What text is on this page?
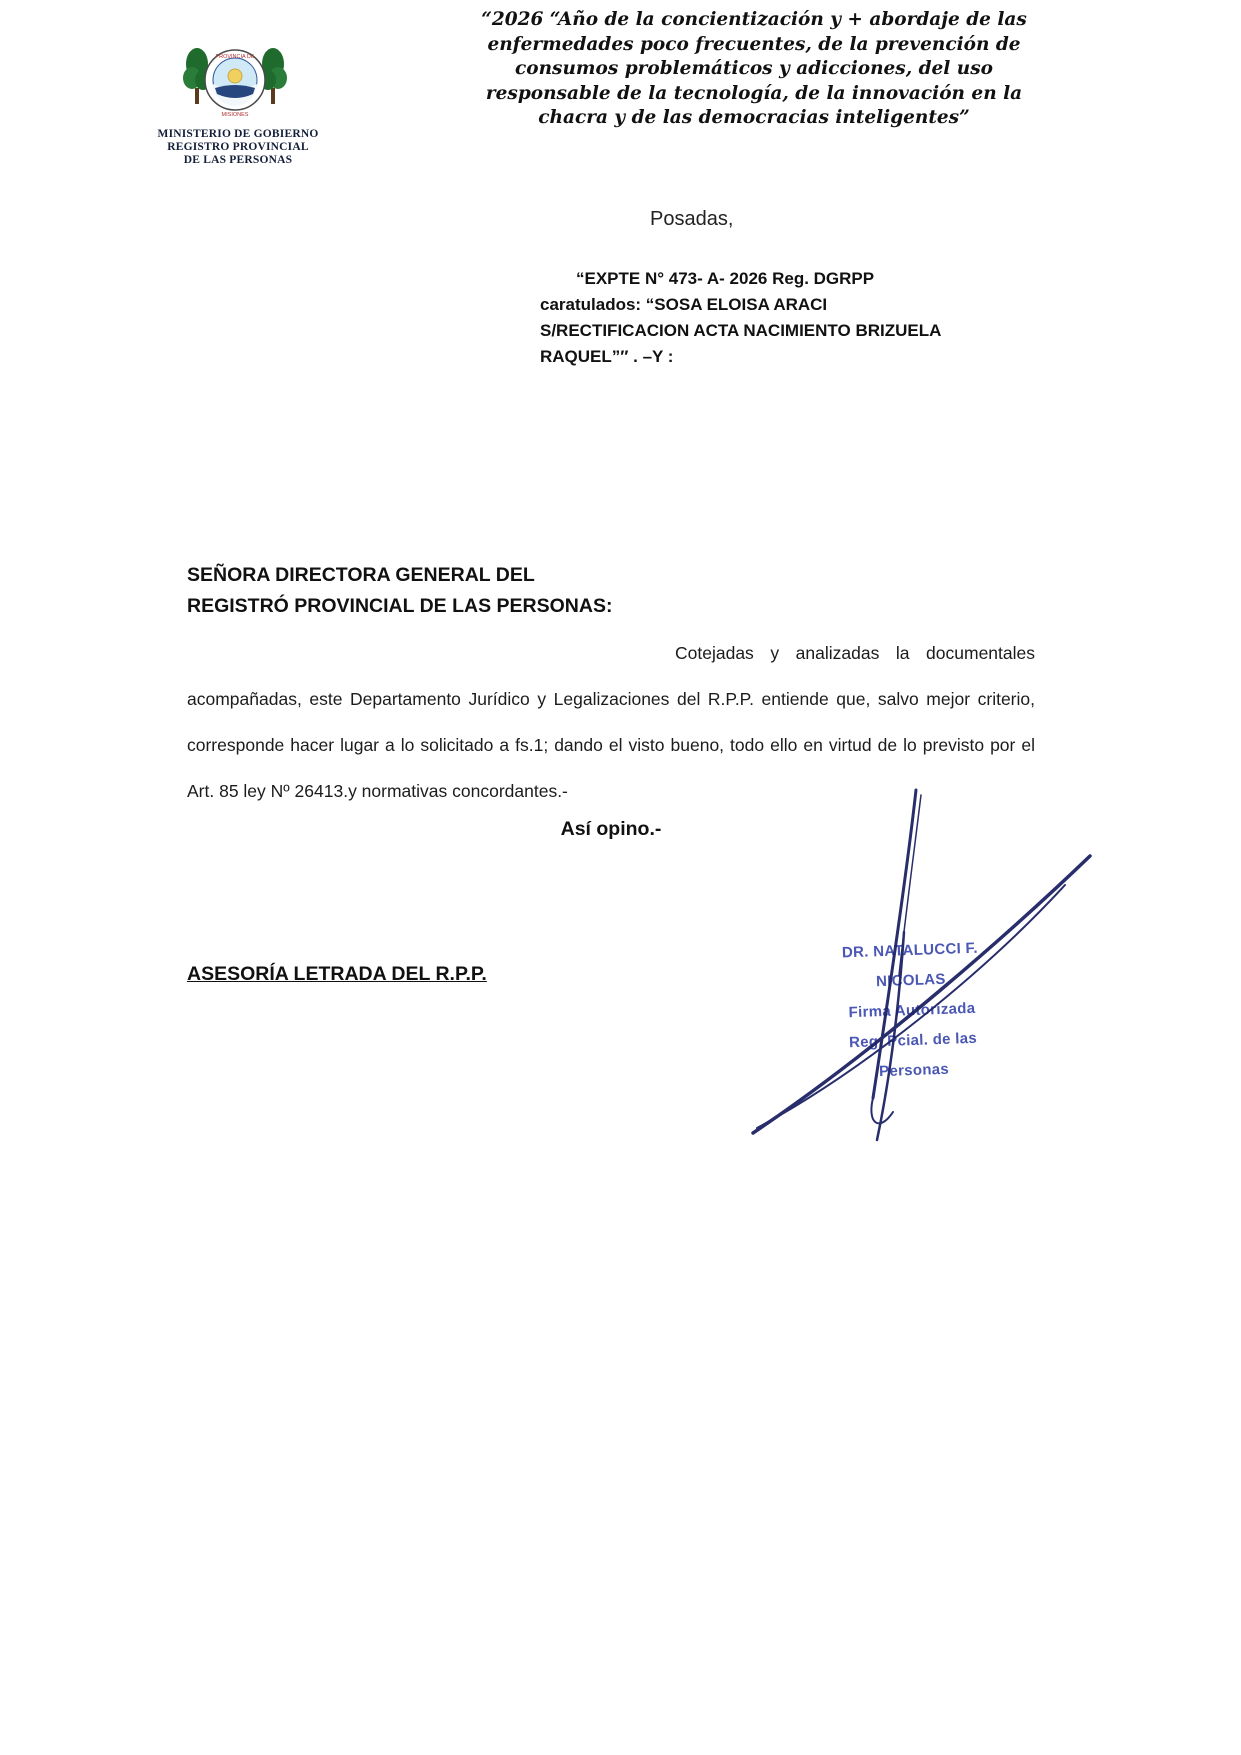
PROVINCIA DE
MISIONES
MINISTERIO DE GOBIERNO
REGISTRO PROVINCIAL
DE LAS PERSONAS
“2026 “Año de la concientización y + abordaje de las enfermedades poco frecuentes, de la prevención de consumos problemáticos y adicciones, del uso responsable de la tecnología, de la innovación en la chacra y de las democracias inteligentes”
Posadas,
“EXPTE N° 473- A- 2026 Reg. DGRPP
caratulados: “SOSA ELOISA ARACI
S/RECTIFICACION ACTA NACIMIENTO BRIZUELA
RAQUEL”″ . –Y :
SEÑORA DIRECTORA GENERAL DEL
REGISTRÓ PROVINCIAL DE LAS PERSONAS:
Cotejadas y analizadas la documentales acompañadas, este Departamento Jurídico y Legalizaciones del R.P.P. entiende que, salvo mejor criterio, corresponde hacer lugar a lo solicitado a fs.1; dando el visto bueno, todo ello en virtud de lo previsto por el Art. 85 ley Nº 26413.y normativas concordantes.-
Así opino.-
ASESORÍA LETRADA DEL R.P.P.
DR. NATALUCCI F. NICOLAS
Firma Autorizada
Reg. Pcial. de las Personas
